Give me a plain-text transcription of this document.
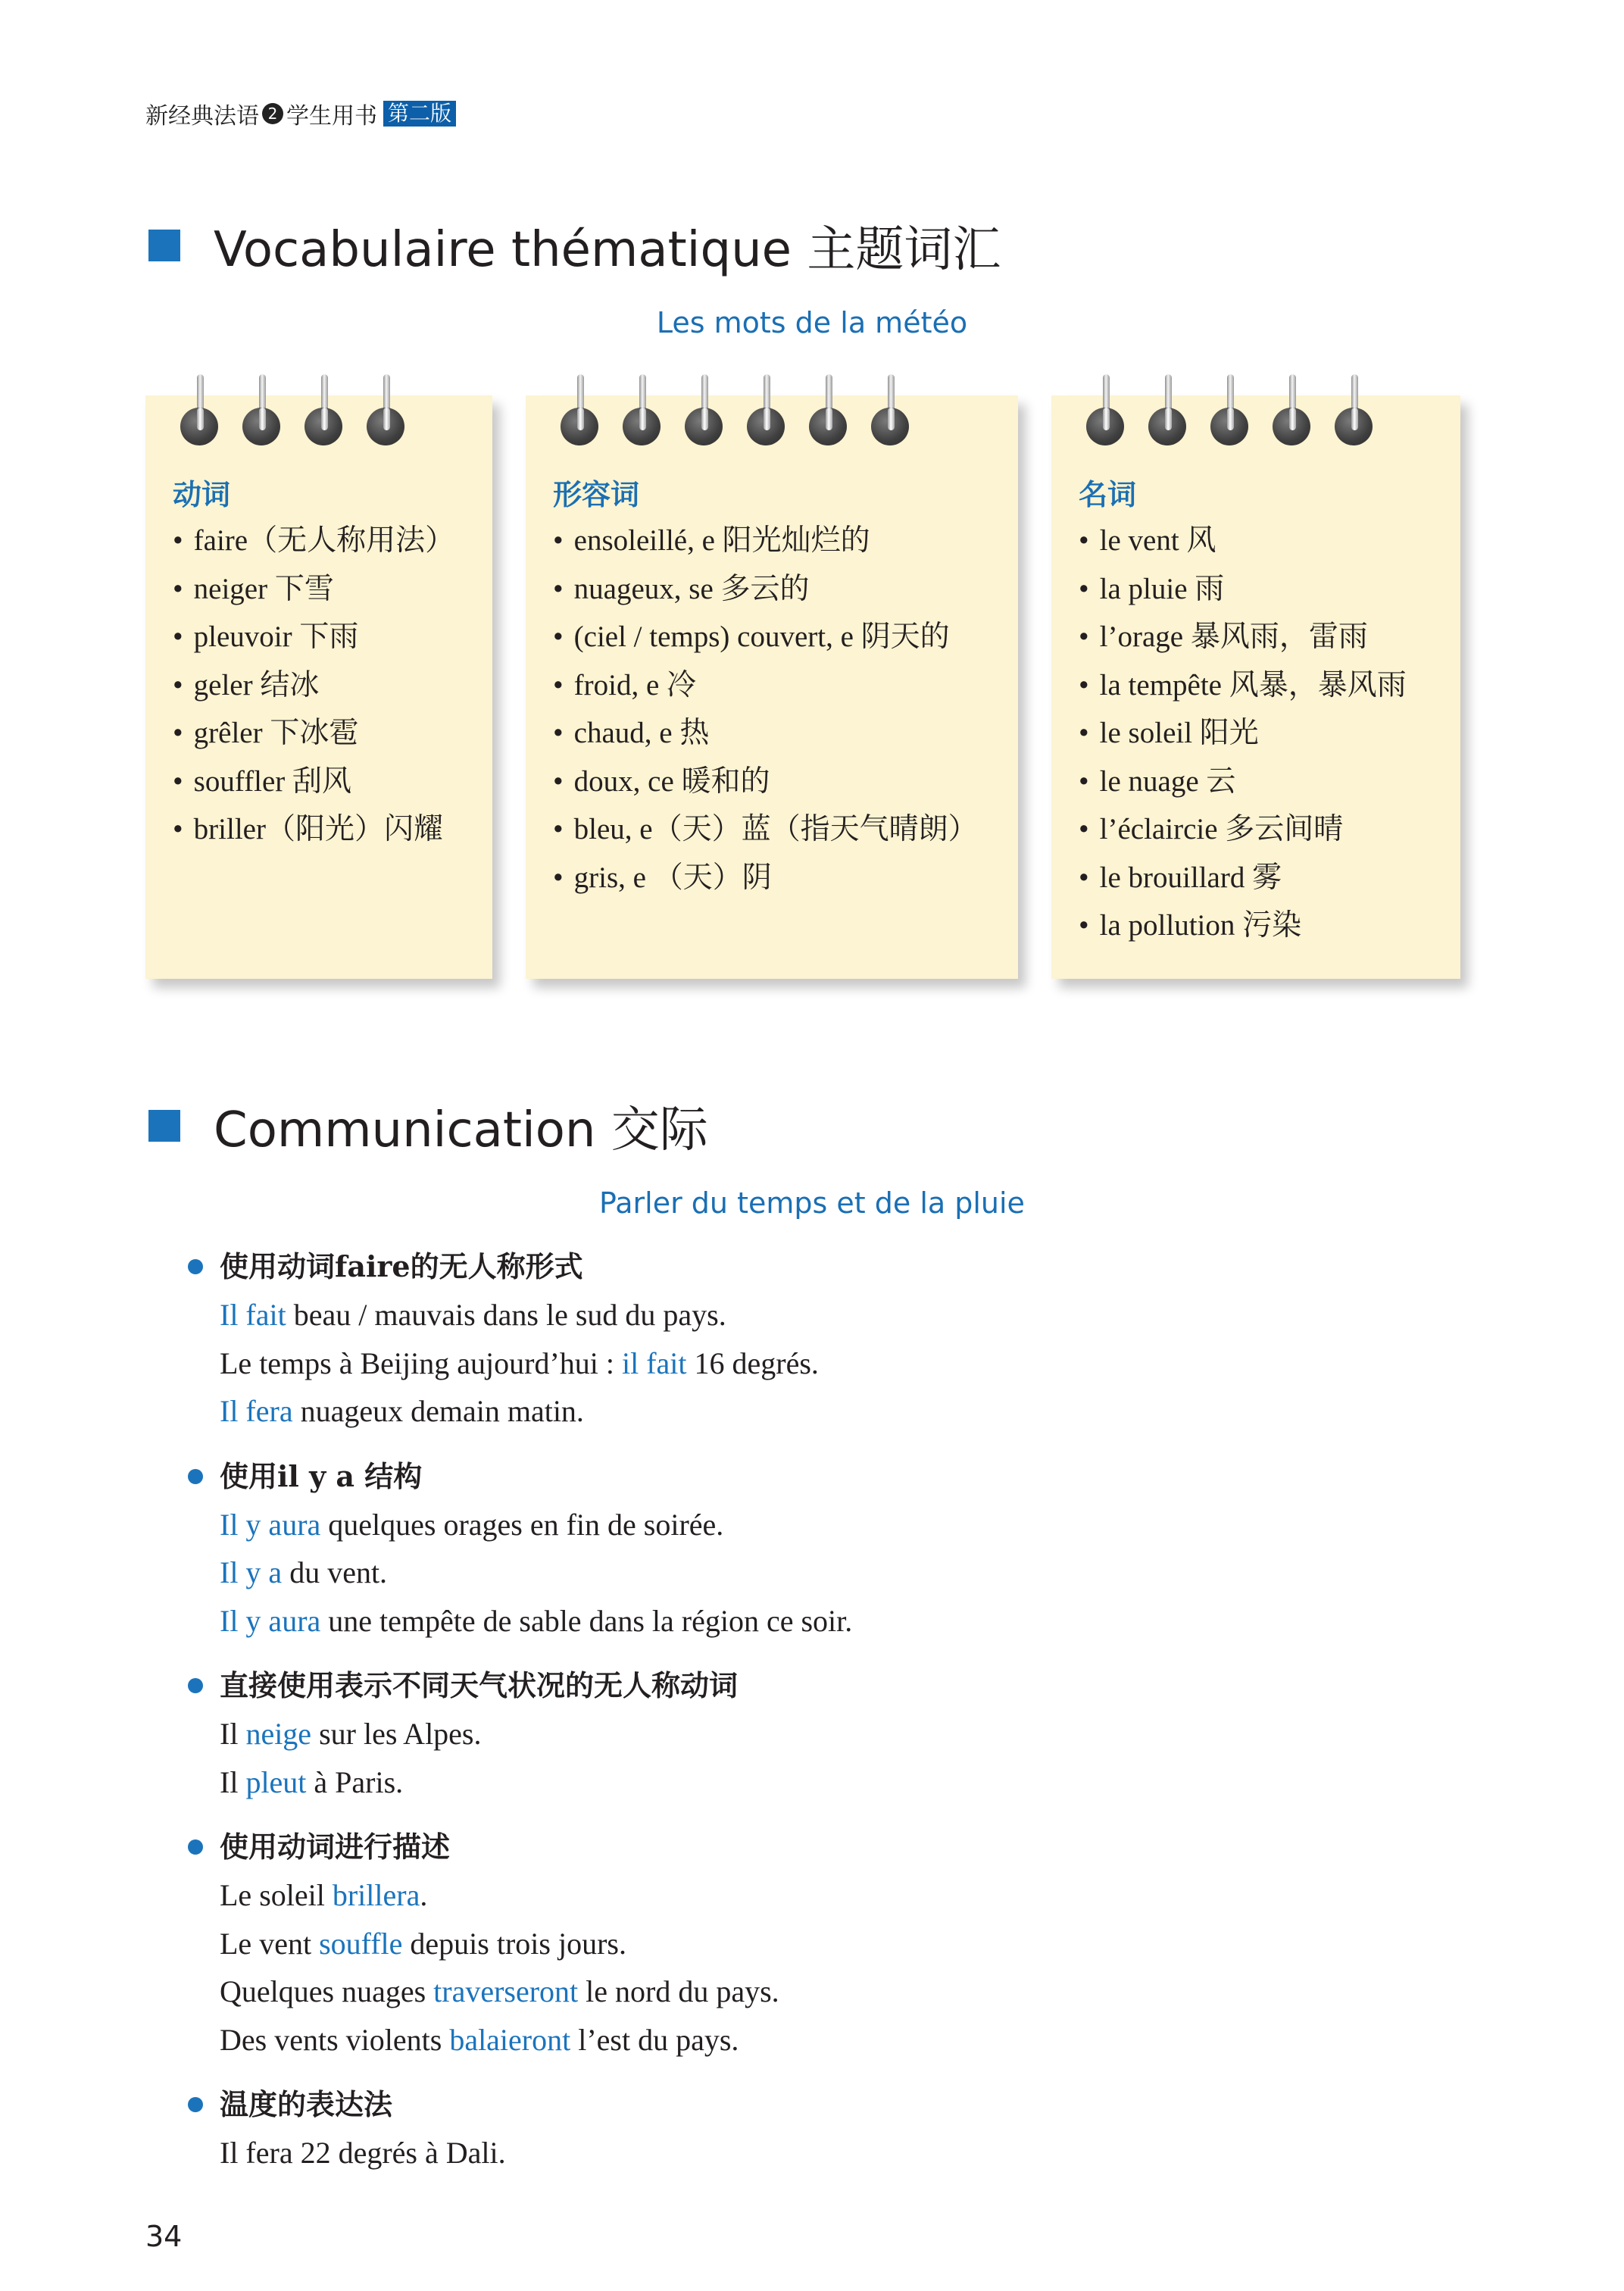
新经典法语 2 学生用书 第二版
Vocabulaire thématique 主题词汇
Les mots de la météo
动词
• faire（无人称用法）
• neiger 下雪
• pleuvoir 下雨
• geler 结冰
• grêler 下冰雹
• souffler 刮风
• briller（阳光）闪耀
形容词
• ensoleillé, e 阳光灿烂的
• nuageux, se 多云的
• (ciel / temps) couvert, e 阴天的
• froid, e 冷
• chaud, e 热
• doux, ce 暖和的
• bleu, e（天）蓝（指天气晴朗）
• gris, e （天）阴
名词
• le vent 风
• la pluie 雨
• l’orage 暴风雨，雷雨
• la tempête 风暴，暴风雨
• le soleil 阳光
• le nuage 云
• l’éclaircie 多云间晴
• le brouillard 雾
• la pollution 污染
Communication 交际
Parler du temps et de la pluie
使用动词faire的无人称形式
Il fait beau / mauvais dans le sud du pays.
Le temps à Beijing aujourd’hui : il fait 16 degrés.
Il fera nuageux demain matin.
使用il y a 结构
Il y aura quelques orages en fin de soirée.
Il y a du vent.
Il y aura une tempête de sable dans la région ce soir.
直接使用表示不同天气状况的无人称动词
Il neige sur les Alpes.
Il pleut à Paris.
使用动词进行描述
Le soleil brillera.
Le vent souffle depuis trois jours.
Quelques nuages traverseront le nord du pays.
Des vents violents balaieront l’est du pays.
温度的表达法
Il fera 22 degrés à Dali.
34
